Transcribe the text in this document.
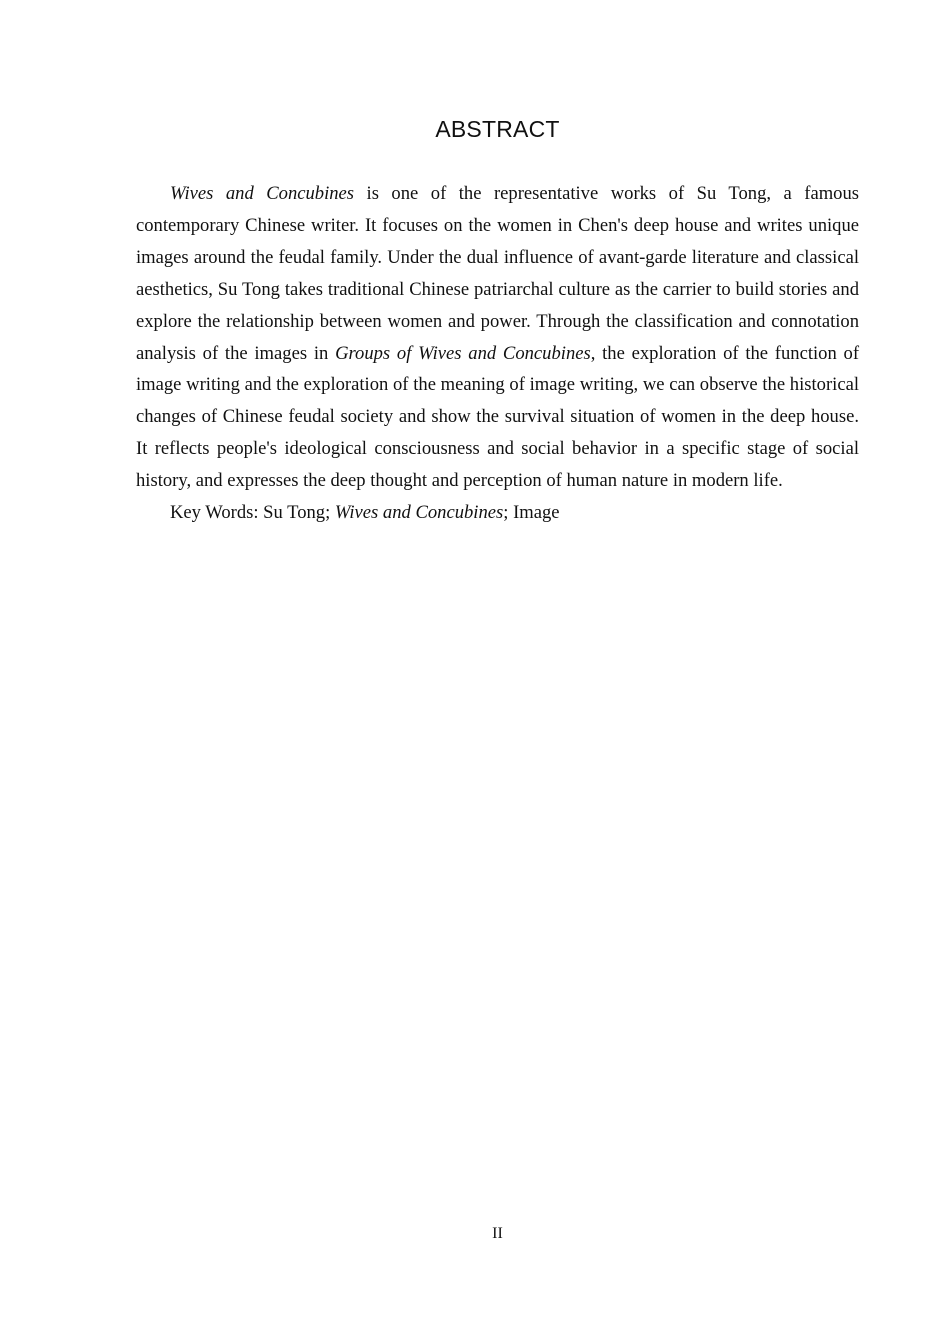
ABSTRACT

Wives and Concubines is one of the representative works of Su Tong, a famous contemporary Chinese writer. It focuses on the women in Chen's deep house and writes unique images around the feudal family. Under the dual influence of avant-garde literature and classical aesthetics, Su Tong takes traditional Chinese patriarchal culture as the carrier to build stories and explore the relationship between women and power. Through the classification and connotation analysis of the images in Groups of Wives and Concubines, the exploration of the function of image writing and the exploration of the meaning of image writing, we can observe the historical changes of Chinese feudal society and show the survival situation of women in the deep house. It reflects people's ideological consciousness and social behavior in a specific stage of social history, and expresses the deep thought and perception of human nature in modern life.

Key Words: Su Tong; Wives and Concubines; Image

II
